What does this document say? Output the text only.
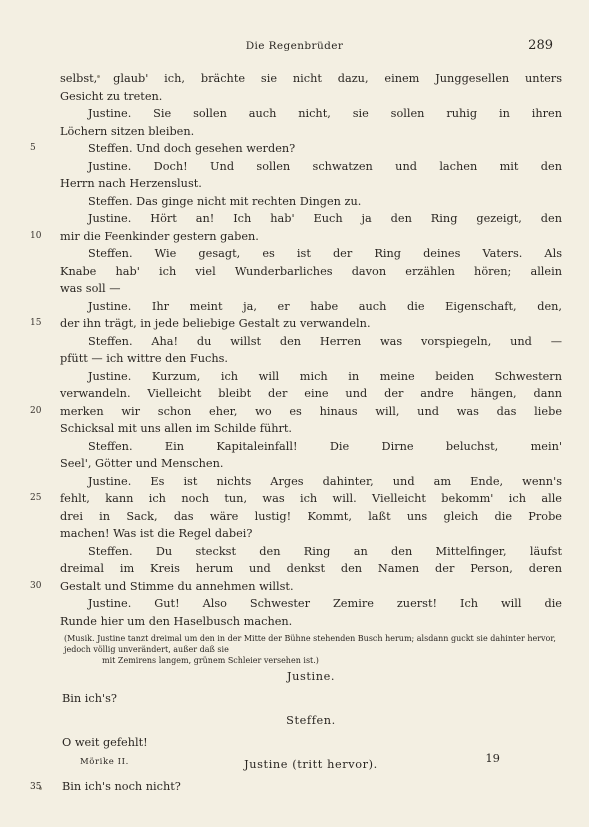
Die Regenbrüder	289
selbst, glaub' ich, brächte sie nicht dazu, einem Junggesellen unters
Gesicht zu treten.
Justine. Sie sollen auch nicht, sie sollen ruhig in ihren
Löchern sitzen bleiben.
5	Steffen. Und doch gesehen werden?
Justine. Doch! Und sollen schwatzen und lachen mit den
Herrn nach Herzenslust.
Steffen. Das ginge nicht mit rechten Dingen zu.
Justine. Hört an! Ich hab' Euch ja den Ring gezeigt, den
10	mir die Feenkinder gestern gaben.
Steffen. Wie gesagt, es ist der Ring deines Vaters. Als
Knabe hab' ich viel Wunderbarliches davon erzählen hören; allein
was soll —
Justine. Ihr meint ja, er habe auch die Eigenschaft, den,
15	der ihn trägt, in jede beliebige Gestalt zu verwandeln.
Steffen. Aha! du willst den Herren was vorspiegeln, und —
pfütt — ich wittre den Fuchs.
Justine. Kurzum, ich will mich in meine beiden Schwestern
verwandeln. Vielleicht bleibt der eine und der andre hängen, dann
20	merken wir schon eher, wo es hinaus will, und was das liebe
Schicksal mit uns allen im Schilde führt.
Steffen. Ein Kapitaleinfall! Die Dirne beluchst, mein'
Seel', Götter und Menschen.
Justine. Es ist nichts Arges dahinter, und am Ende, wenn's
25	fehlt, kann ich noch tun, was ich will. Vielleicht bekomm' ich alle
drei in Sack, das wäre lustig! Kommt, laßt uns gleich die Probe
machen! Was ist die Regel dabei?
Steffen. Du steckst den Ring an den Mittelfinger, läufst
dreimal im Kreis herum und denkst den Namen der Person, deren
30	Gestalt und Stimme du annehmen willst.
Justine. Gut! Also Schwester Zemire zuerst! Ich will die
Runde hier um den Haselbusch machen.
(Musik. Justine tanzt dreimal um den in der Mitte der Bühne stehenden Busch herum; alsdann guckt sie dahinter hervor, jedoch völlig unverändert, außer daß sie
mit Zemirens langem, grünem Schleier versehen ist.)
Justine.
Bin ich's?
Steffen.
O weit gefehlt!
Justine (tritt hervor).
35 Bin ich's noch nicht?
Mörike II.	19
